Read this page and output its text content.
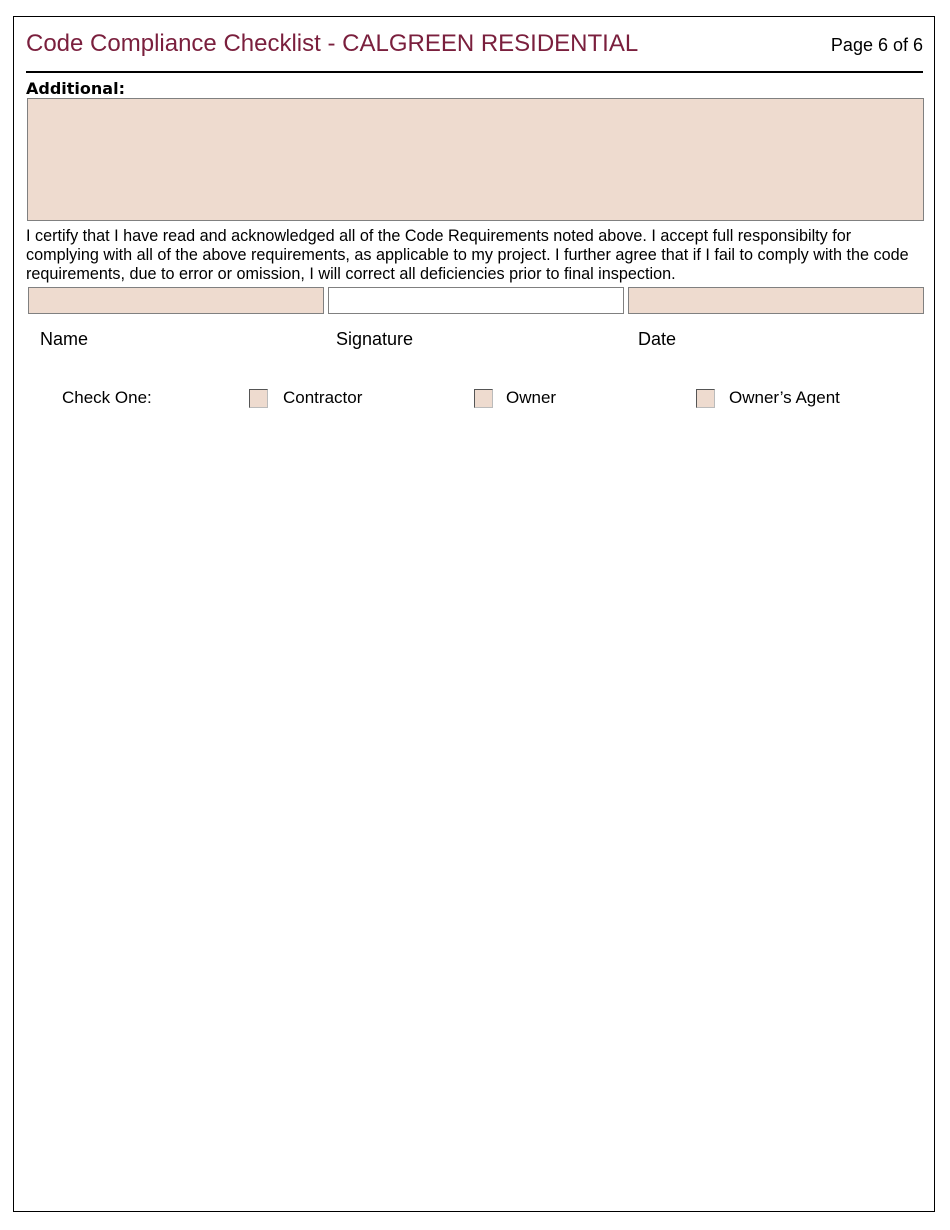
Code Compliance Checklist - CALGREEN RESIDENTIAL	Page 6 of 6
Additional:
I certify that I have read and acknowledged all of the Code Requirements noted above. I accept full responsibilty for complying with all of the above requirements, as applicable to my project. I further agree that if I fail to comply with the code requirements, due to error or omission, I will correct all deficiencies prior to final inspection.
Name	Signature	Date
Check One:	Contractor	Owner	Owner’s Agent
